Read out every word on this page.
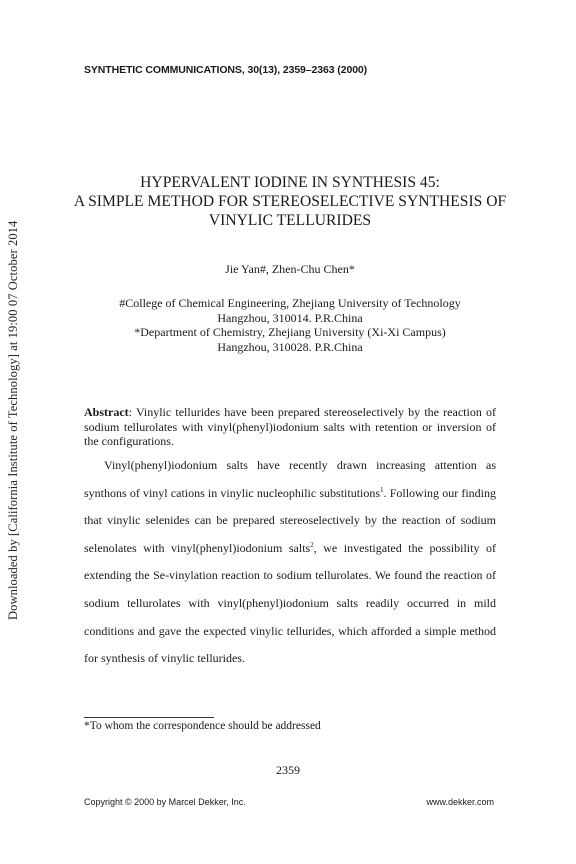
Downloaded by [California Institute of Technology] at 19:00 07 October 2014
SYNTHETIC COMMUNICATIONS, 30(13), 2359–2363 (2000)
HYPERVALENT IODINE IN SYNTHESIS 45:
A SIMPLE METHOD FOR STEREOSELECTIVE SYNTHESIS OF
VINYLIC TELLURIDES
Jie Yan#, Zhen-Chu Chen*
#College of Chemical Engineering, Zhejiang University of Technology
Hangzhou, 310014. P.R.China
*Department of Chemistry, Zhejiang University (Xi-Xi Campus)
Hangzhou, 310028. P.R.China
Abstract: Vinylic tellurides have been prepared stereoselectively by the reaction of sodium tellurolates with vinyl(phenyl)iodonium salts with retention or inversion of the configurations.

Vinyl(phenyl)iodonium salts have recently drawn increasing attention as synthons of vinyl cations in vinylic nucleophilic substitutions$^1$. Following our finding that vinylic selenides can be prepared stereoselectively by the reaction of sodium selenolates with vinyl(phenyl)iodonium salts$^2$, we investigated the possibility of extending the Se-vinylation reaction to sodium tellurolates. We found the reaction of sodium tellurolates with vinyl(phenyl)iodonium salts readily occurred in mild conditions and gave the expected vinylic tellurides, which afforded a simple method for synthesis of vinylic tellurides.

*To whom the correspondence should be addressed
2359
Copyright © 2000 by Marcel Dekker, Inc.	www.dekker.com
